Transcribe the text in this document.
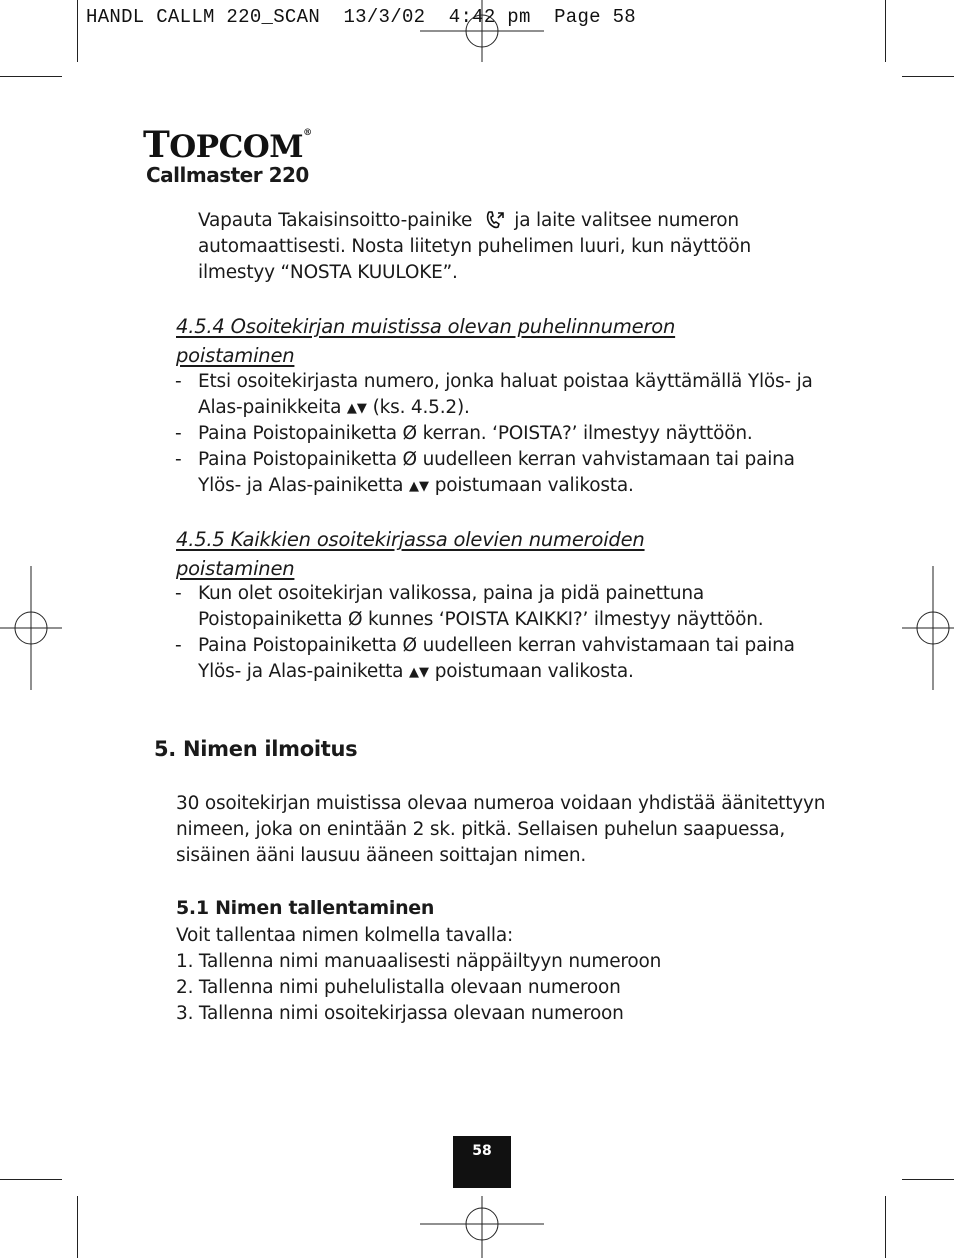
HANDL CALLM 220_SCAN  13/3/02  4:42 pm  Page 58
TOPCOM®
Callmaster 220
Vapauta Takaisinsoitto-painike ja laite valitsee numeron
automaattisesti. Nosta liitetyn puhelimen luuri, kun näyttöön
ilmestyy “NOSTA KUULOKE”.
4.5.4 Osoitekirjan muistissa olevan puhelinnumeron
poistaminen
- Etsi osoitekirjasta numero, jonka haluat poistaa käyttämällä Ylös- ja
Alas-painikkeita ▲▼ (ks. 4.5.2).
- Paina Poistopainiketta Ø kerran. ‘POISTA?’ ilmestyy näyttöön.
- Paina Poistopainiketta Ø uudelleen kerran vahvistamaan tai paina
Ylös- ja Alas-painiketta ▲▼ poistumaan valikosta.
4.5.5 Kaikkien osoitekirjassa olevien numeroiden
poistaminen
- Kun olet osoitekirjan valikossa, paina ja pidä painettuna
Poistopainiketta Ø kunnes ‘POISTA KAIKKI?’ ilmestyy näyttöön.
- Paina Poistopainiketta Ø uudelleen kerran vahvistamaan tai paina
Ylös- ja Alas-painiketta ▲▼ poistumaan valikosta.
5. Nimen ilmoitus
30 osoitekirjan muistissa olevaa numeroa voidaan yhdistää äänitettyyn
nimeen, joka on enintään 2 sk. pitkä. Sellaisen puhelun saapuessa,
sisäinen ääni lausuu ääneen soittajan nimen.
5.1 Nimen tallentaminen
Voit tallentaa nimen kolmella tavalla:
1. Tallenna nimi manuaalisesti näppäiltyyn numeroon
2. Tallenna nimi puhelulistalla olevaan numeroon
3. Tallenna nimi osoitekirjassa olevaan numeroon
58
